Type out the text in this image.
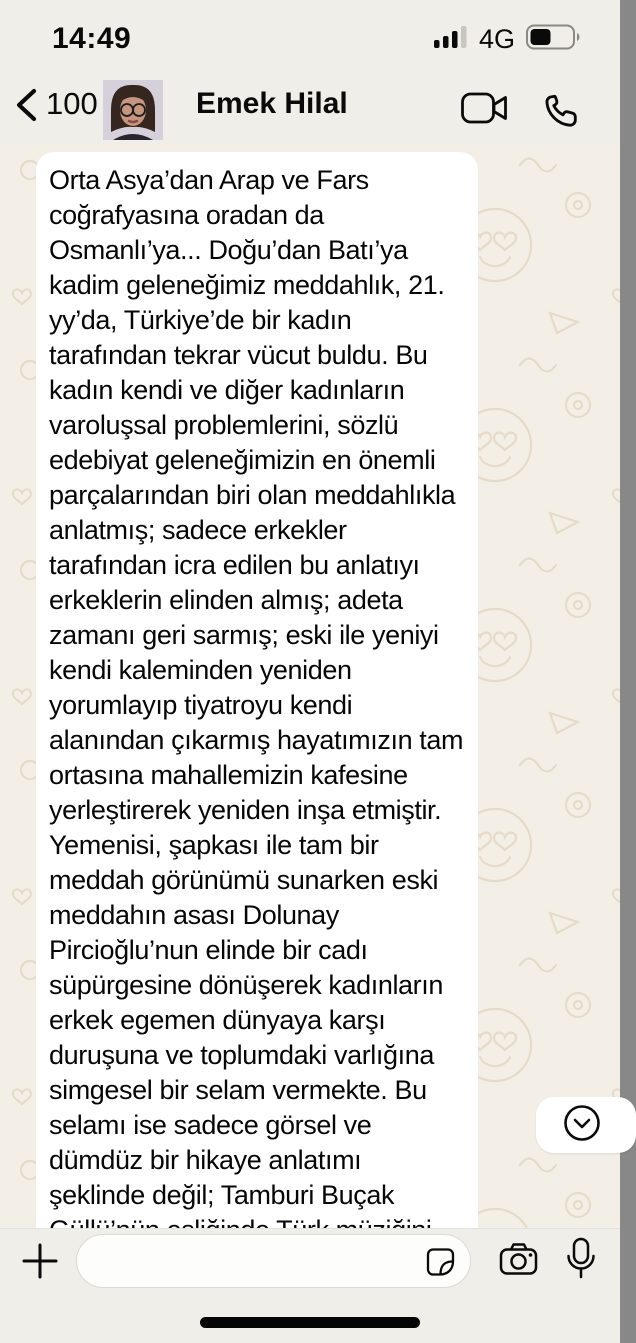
14:49	4G
100	Emek Hilal
Orta Asya’dan Arap ve Fars
coğrafyasına oradan da
Osmanlı’ya... Doğu’dan Batı’ya
kadim geleneğimiz meddahlık, 21.
yy’da, Türkiye’de bir kadın
tarafından tekrar vücut buldu. Bu
kadın kendi ve diğer kadınların
varoluşsal problemlerini, sözlü
edebiyat geleneğimizin en önemli
parçalarından biri olan meddahlıkla
anlatmış; sadece erkekler
tarafından icra edilen bu anlatıyı
erkeklerin elinden almış; adeta
zamanı geri sarmış; eski ile yeniyi
kendi kaleminden yeniden
yorumlayıp tiyatroyu kendi
alanından çıkarmış hayatımızın tam
ortasına mahallemizin kafesine
yerleştirerek yeniden inşa etmiştir.
Yemenisi, şapkası ile tam bir
meddah görünümü sunarken eski
meddahın asası Dolunay
Pircioğlu’nun elinde bir cadı
süpürgesine dönüşerek kadınların
erkek egemen dünyaya karşı
duruşuna ve toplumdaki varlığına
simgesel bir selam vermekte. Bu
selamı ise sadece görsel ve
dümdüz bir hikaye anlatımı
şeklinde değil; Tamburi Buçak
